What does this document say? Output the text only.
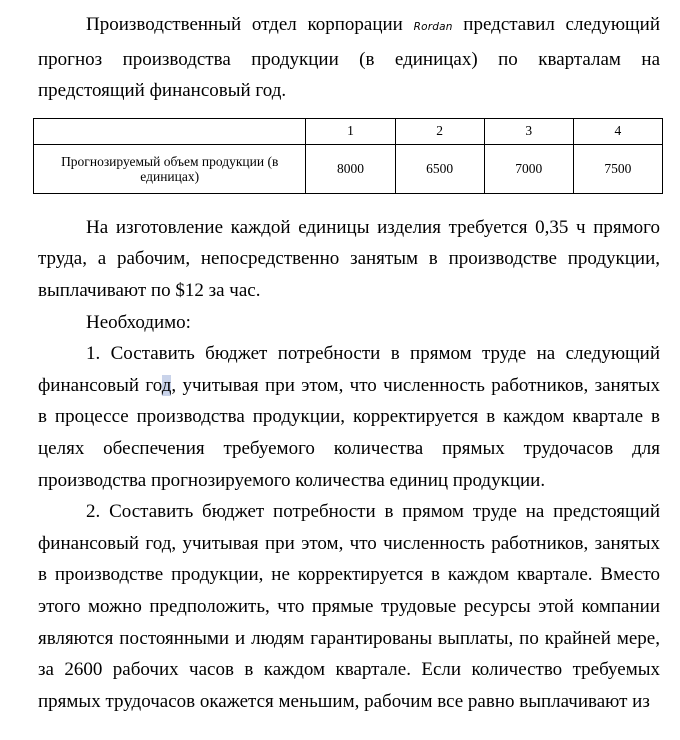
Производственный отдел корпорации Rordan представил следующий прогноз производства продукции (в единицах) по кварталам на предстоящий финансовый год.

	1	2	3	4
Прогнозируемый объем продукции (в единицах)	8000	6500	7000	7500

На изготовление каждой единицы изделия требуется 0,35 ч прямого труда, а рабочим, непосредственно занятым в производстве продукции, выплачивают по $12 за час.

Необходимо:

1. Составить бюджет потребности в прямом труде на следующий финансовый год, учитывая при этом, что численность работников, занятых в процессе производства продукции, корректируется в каждом квартале в целях обеспечения требуемого количества прямых трудочасов для производства прогнозируемого количества единиц продукции.

2. Составить бюджет потребности в прямом труде на предстоящий финансовый год, учитывая при этом, что численность работников, занятых в производстве продукции, не корректируется в каждом квартале. Вместо этого можно предположить, что прямые трудовые ресурсы этой компании являются постоянными и людям гарантированы выплаты, по крайней мере, за 2600 рабочих часов в каждом квартале. Если количество требуемых прямых трудочасов окажется меньшим, рабочим все равно выплачивают из
